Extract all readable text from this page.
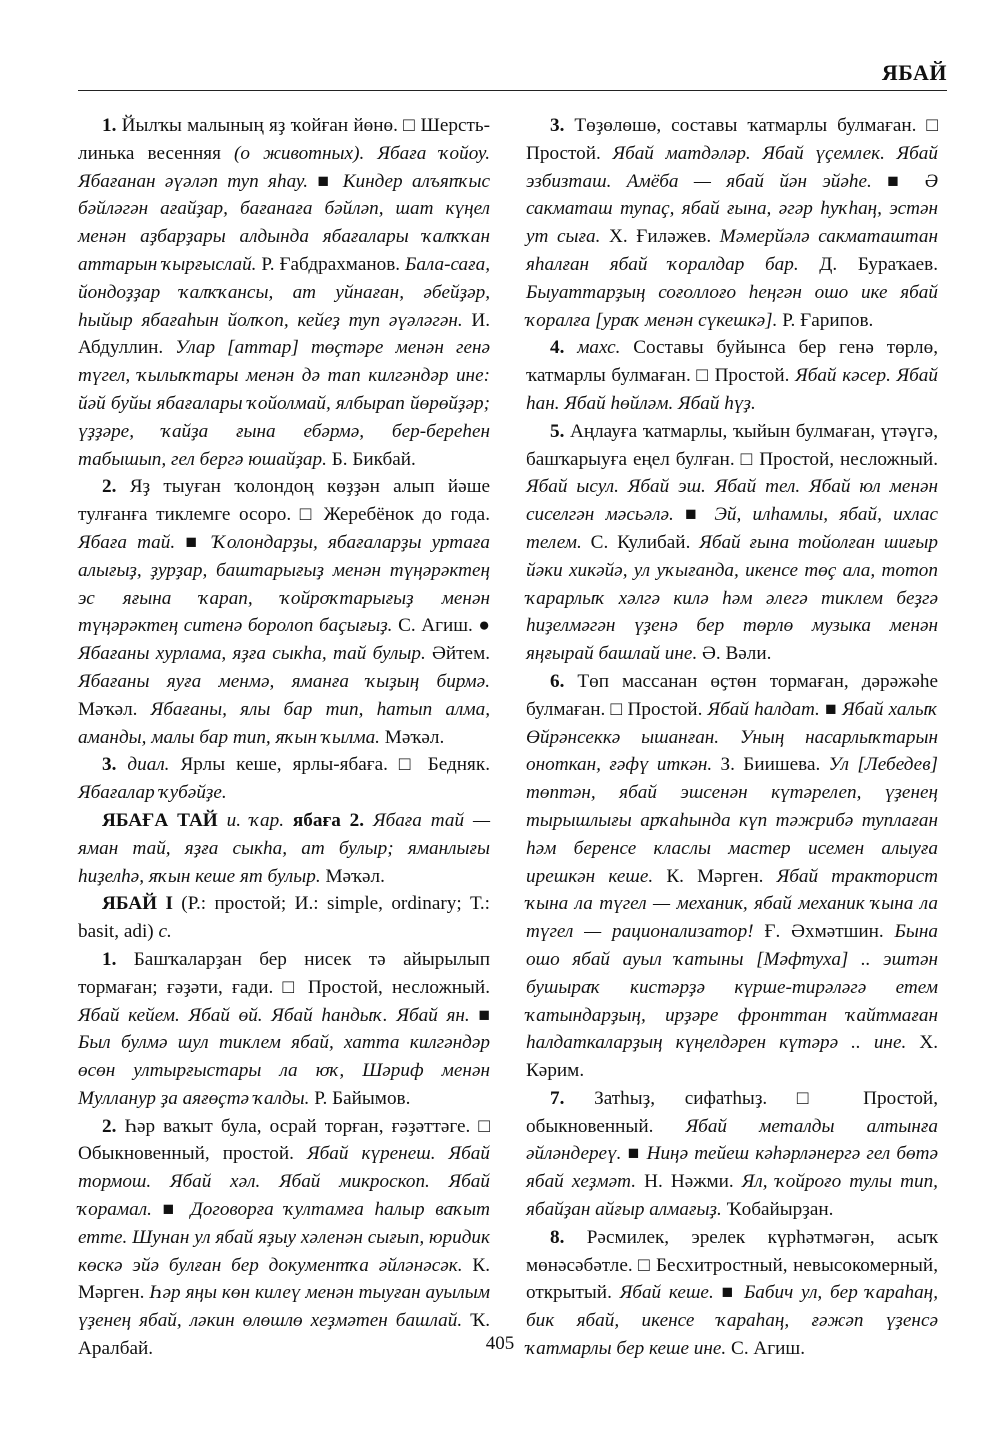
ЯБАЙ

1. Йылҡы малының яҙ ҡойған йөнө. □ Шерсть-линька весенняя (о животных). Ябаға ҡойоу. Ябағанан әүәләп туп яһау. ■ Киндер алъяпҡыс бәйләгән ағайҙар, бағанаға бәйләп, шат күңел менән аҙбарҙары алдында ябағалары ҡалҡҡан аттарын ҡырғыслай. Р. Ғабдрахманов. Бала-саға, йондоҙҙар ҡалҡҡансы, ат уйнаған, әбейҙәр, һыйыр ябағаһын йолҡоп, кейеҙ туп әүәләгән. И. Абдуллин. Улар [аттар] төҫтәре менән генә түгел, ҡылыҡтары менән дә тап килгәндәр ине: йәй буйы ябағалары ҡойолмай, ялбырап йөрөйҙәр; үҙҙәре, ҡайҙа ғына ебәрмә, бер-береһен табышып, гел бергә юшайҙар. Б. Бикбай.

2. Яҙ тыуған ҡолондоң көҙҙән алып йәше тулғанға тиклемге осоро. □ Жеребёнок до года. Ябаға тай. ■ Ҡолондарҙы, ябағаларҙы уртаға алығыҙ, ҙурҙар, баштарығыҙ менән түңәрәктең эс яғына ҡарап, ҡойроҡтарығыҙ менән түңәрәктең ситенә боролоп баҫығыҙ. С. Агиш. ● Ябағаны хурлама, яҙға сыкһа, тай булыр. Әйтем. Ябағаны яуға менмә, яманға ҡыҙың бирмә. Мәҡәл. Ябағаны, ялы бар тип, һатып алма, аманды, малы бар тип, яҡын ҡылма. Мәҡәл.

3. диал. Ярлы кеше, ярлы-ябаға. □ Бедняк. Ябағалар ҡубәйҙе.

ЯБАҒА ТАЙ и. ҡар. ябаға 2. Ябаға тай — яман тай, яҙға сыкһа, ат булыр; яманлығы һиҙелһә, яҡын кеше ят булыр. Мәҡәл.

ЯБАЙ I (Р.: простой; И.: simple, ordinary; Т.: basit, adi) с.

1. Башҡаларҙан бер нисек тә айырылып тормаған; ғәҙәти, ғади. □ Простой, несложный. Ябай кейем. Ябай өй. Ябай һандыҡ. Ябай ян. ■ Был булмә шул тиклем ябай, хатта килгәндәр өсөн ултырғыстары ла юҡ, Шәриф менән Мулланур ҙа аяғөҫтә ҡалды. Р. Байымов.

2. Һәр ваҡыт була, осрай торған, ғәҙәттәге. □ Обыкновенный, простой. Ябай күренеш. Ябай тормош. Ябай хәл. Ябай микроскоп. Ябай ҡорамал. ■ Договорға ҡултамға һалыр ваҡыт етте. Шунан ул ябай яҙыу хәленән сығып, юридик көскә эйә булған бер документҡа әйләнәсәк. К. Мәрген. Һәр яңы көн килеү менән тыуған ауылым үҙенең ябай, ләкин өлөшлө хеҙмәтен башлай. Ҡ. Аралбай.

3. Төҙөлөшө, составы ҡатмарлы булмаған. □ Простой. Ябай матдәләр. Ябай үҫемлек. Ябай эзбизташ. Амёба — ябай йән эйәһе. ■ Ә сакматаш тупаҫ, ябай ғына, әгәр һуҡһаң, эстән ут сыға. Х. Ғиләжев. Мәмерйәлә сакматаштан яһалған ябай ҡоралдар бар. Д. Бураҡаев. Быуаттарҙың соғоллоғо һеңгән ошо ике ябай ҡоралға [ураҡ менән сүкешкә]. Р. Ғарипов.

4. махс. Составы буйынса бер генә төрлө, ҡатмарлы булмаған. □ Простой. Ябай кәсер. Ябай һан. Ябай һөйләм. Ябай һүҙ.

5. Аңлауға ҡатмарлы, ҡыйын булмаған, үтәүгә, башҡарыуға еңел булған. □ Простой, несложный. Ябай ысул. Ябай эш. Ябай тел. Ябай юл менән сиселгән мәсьәлә. ■ Эй, илһамлы, ябай, ихлас телем. С. Кулибай. Ябай ғына тойолған шиғыр йәки хикәйә, ул уҡығанда, икенсе төҫ ала, тотоп ҡарарлыҡ хәлгә килә һәм әлегә тиклем беҙгә һиҙелмәгән үҙенә бер төрлө музыка менән яңғырай башлай ине. Ә. Вәли.

6. Төп массанан өҫтөн тормаған, дәрәжәһе булмаған. □ Простой. Ябай һалдат. ■ Ябай халыҡ Өйрәнсеккә ышанған. Уның насарлыҡтарын оноткан, ғәфү иткән. З. Биишева. Ул [Лебедев] төптән, ябай эшсенән күтәрелеп, үҙенең тырышлығы арҡаһында күп тәжрибә туплаған һәм беренсе класлы мастер исемен алыуға ирешкән кеше. К. Мәрген. Ябай тракторист ҡына ла түгел — механик, ябай механик ҡына ла түгел — рационализатор! Ғ. Әхмәтшин. Бына ошо ябай ауыл ҡатыны [Мәфтуха] .. эштән бушыраҡ кистәрҙә күрше-тирәләгә етем ҡатындарҙың, ирҙәре фронттан ҡайтмаған һалдаткаларҙың күңелдәрен күтәрә .. ине. Х. Кәрим.

7. Затһыҙ, сифатһыҙ. □ Простой, обыкновенный. Ябай металды алтынға әйләндереү. ■ Ниңә тейеш кәһәрләнергә гел бөтә ябай хеҙмәт. Н. Нәжми. Ял, ҡойроғо тулы тип, ябайҙан айғыр алмағыҙ. Ҡобайырҙан.

8. Рәсмилек, эрелек күрһәтмәгән, асыҡ мөнәсәбәтле. □ Бесхитростный, невысокомерный, открытый. Ябай кеше. ■ Бабич ул, бер ҡараһаң, бик ябай, икенсе ҡараһаң, ғәжәп үҙенсә ҡатмарлы бер кеше ине. С. Агиш.

405
